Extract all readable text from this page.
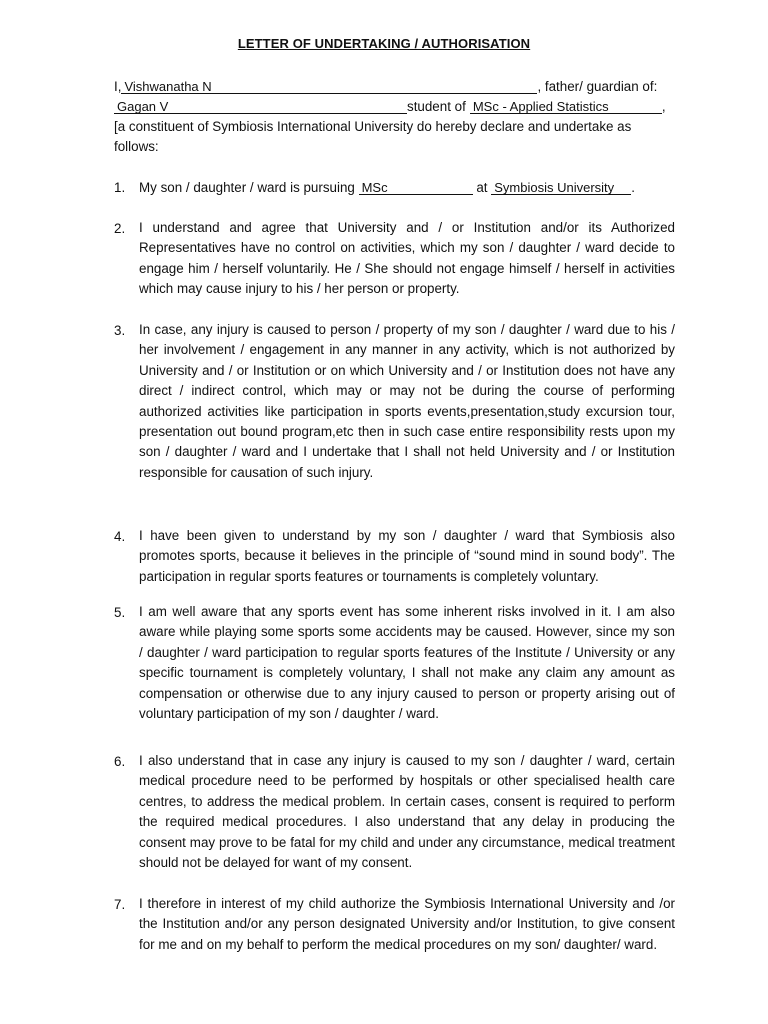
LETTER OF UNDERTAKING / AUTHORISATION
I, Vishwanatha N	, father/ guardian of:
Gagan V	student of MSc - Applied Statistics	,
[a constituent of Symbiosis International University do hereby declare and undertake as
follows:
1. My son / daughter / ward is pursuing MSc	at Symbiosis University .
2. I understand and agree that University and / or Institution and/or its Authorized Representatives have no control on activities, which my son / daughter / ward decide to engage him / herself voluntarily. He / She should not engage himself / herself in activities which may cause injury to his / her person or property.
3. In case, any injury is caused to person / property of my son / daughter / ward due to his / her involvement / engagement in any manner in any activity, which is not authorized by University and / or Institution or on which University and / or Institution does not have any direct / indirect control, which may or may not be during the course of performing authorized activities like participation in sports events,presentation,study excursion tour, presentation out bound program,etc then in such case entire responsibility rests upon my son / daughter / ward and I undertake that I shall not held University and / or Institution responsible for causation of such injury.
4. I have been given to understand by my son / daughter / ward that Symbiosis also promotes sports, because it believes in the principle of “sound mind in sound body”. The participation in regular sports features or tournaments is completely voluntary.
5. I am well aware that any sports event has some inherent risks involved in it. I am also aware while playing some sports some accidents may be caused. However, since my son / daughter / ward participation to regular sports features of the Institute / University or any specific tournament is completely voluntary, I shall not make any claim any amount as compensation or otherwise due to any injury caused to person or property arising out of voluntary participation of my son / daughter / ward.
6. I also understand that in case any injury is caused to my son / daughter / ward, certain medical procedure need to be performed by hospitals or other specialised health care centres, to address the medical problem. In certain cases, consent is required to perform the required medical procedures. I also understand that any delay in producing the consent may prove to be fatal for my child and under any circumstance, medical treatment should not be delayed for want of my consent.
7. I therefore in interest of my child authorize the Symbiosis International University and /or the Institution and/or any person designated University and/or Institution, to give consent for me and on my behalf to perform the medical procedures on my son/ daughter/ ward.
